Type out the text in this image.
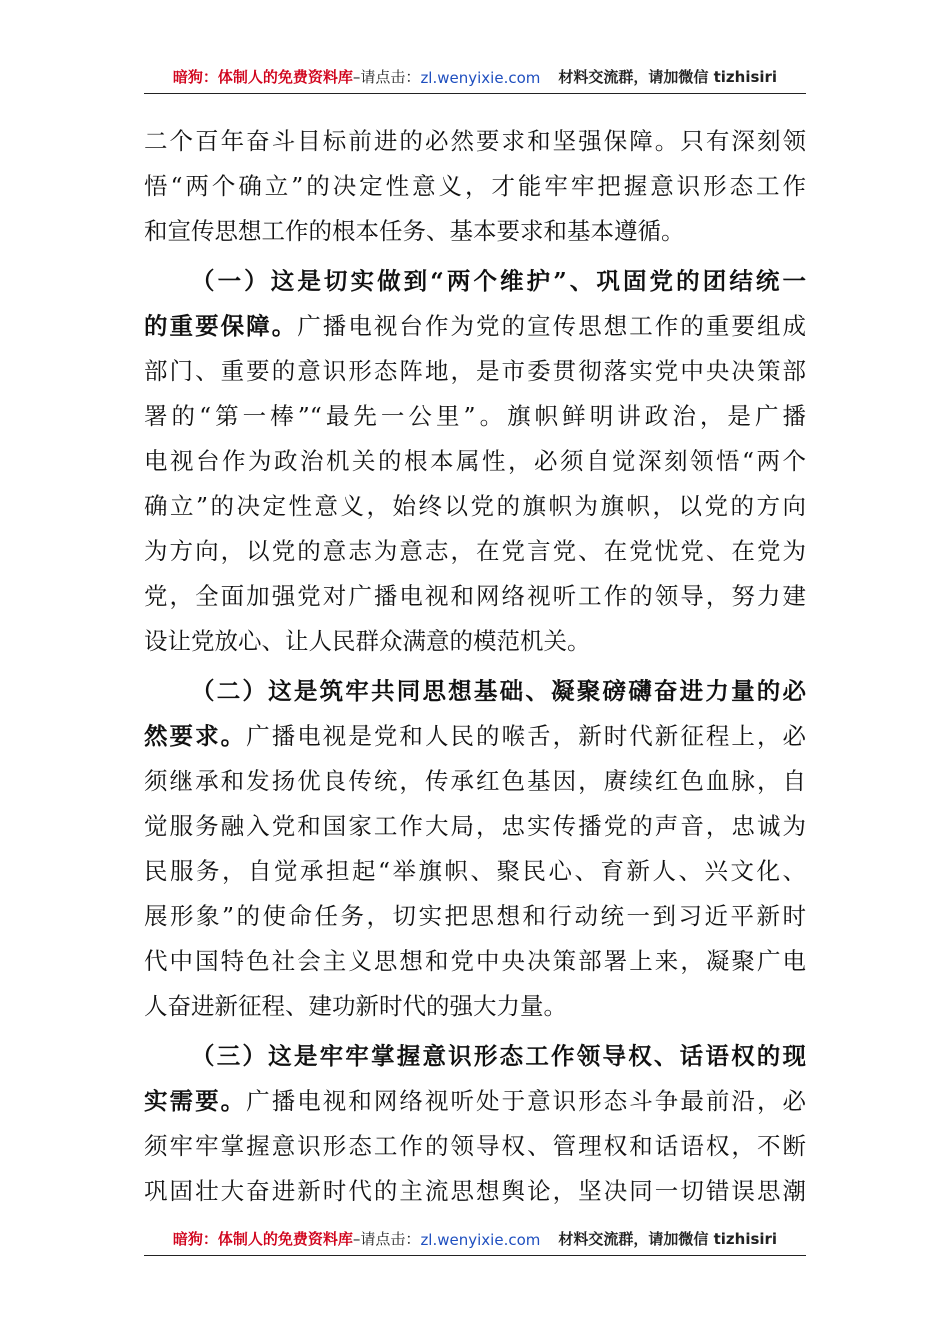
暗狗：体制人的免费资料库 –请点击： zl.wenyixie.com 材料交流群，请加微信 tizhisiri
二个百年奋斗目标前进的必然要求和坚强保障。只有深刻领
悟“两个确立”的决定性意义，才能牢牢把握意识形态工作
和宣传思想工作的根本任务、基本要求和基本遵循。
（一）这是切实做到“两个维护”、巩固党的团结统一
的重要保障。广播电视台作为党的宣传思想工作的重要组成
部门、重要的意识形态阵地，是市委贯彻落实党中央决策部
署的“第一棒”“最先一公里”。旗帜鲜明讲政治，是广播
电视台作为政治机关的根本属性，必须自觉深刻领悟“两个
确立”的决定性意义，始终以党的旗帜为旗帜，以党的方向
为方向，以党的意志为意志，在党言党、在党忧党、在党为
党，全面加强党对广播电视和网络视听工作的领导，努力建
设让党放心、让人民群众满意的模范机关。
（二）这是筑牢共同思想基础、凝聚磅礴奋进力量的必
然要求。广播电视是党和人民的喉舌，新时代新征程上，必
须继承和发扬优良传统，传承红色基因，赓续红色血脉，自
觉服务融入党和国家工作大局，忠实传播党的声音，忠诚为
民服务，自觉承担起“举旗帜、聚民心、育新人、兴文化、
展形象”的使命任务，切实把思想和行动统一到习近平新时
代中国特色社会主义思想和党中央决策部署上来，凝聚广电
人奋进新征程、建功新时代的强大力量。
（三）这是牢牢掌握意识形态工作领导权、话语权的现
实需要。广播电视和网络视听处于意识形态斗争最前沿，必
须牢牢掌握意识形态工作的领导权、管理权和话语权，不断
巩固壮大奋进新时代的主流思想舆论，坚决同一切错误思潮
暗狗：体制人的免费资料库 –请点击： zl.wenyixie.com 材料交流群，请加微信 tizhisiri
